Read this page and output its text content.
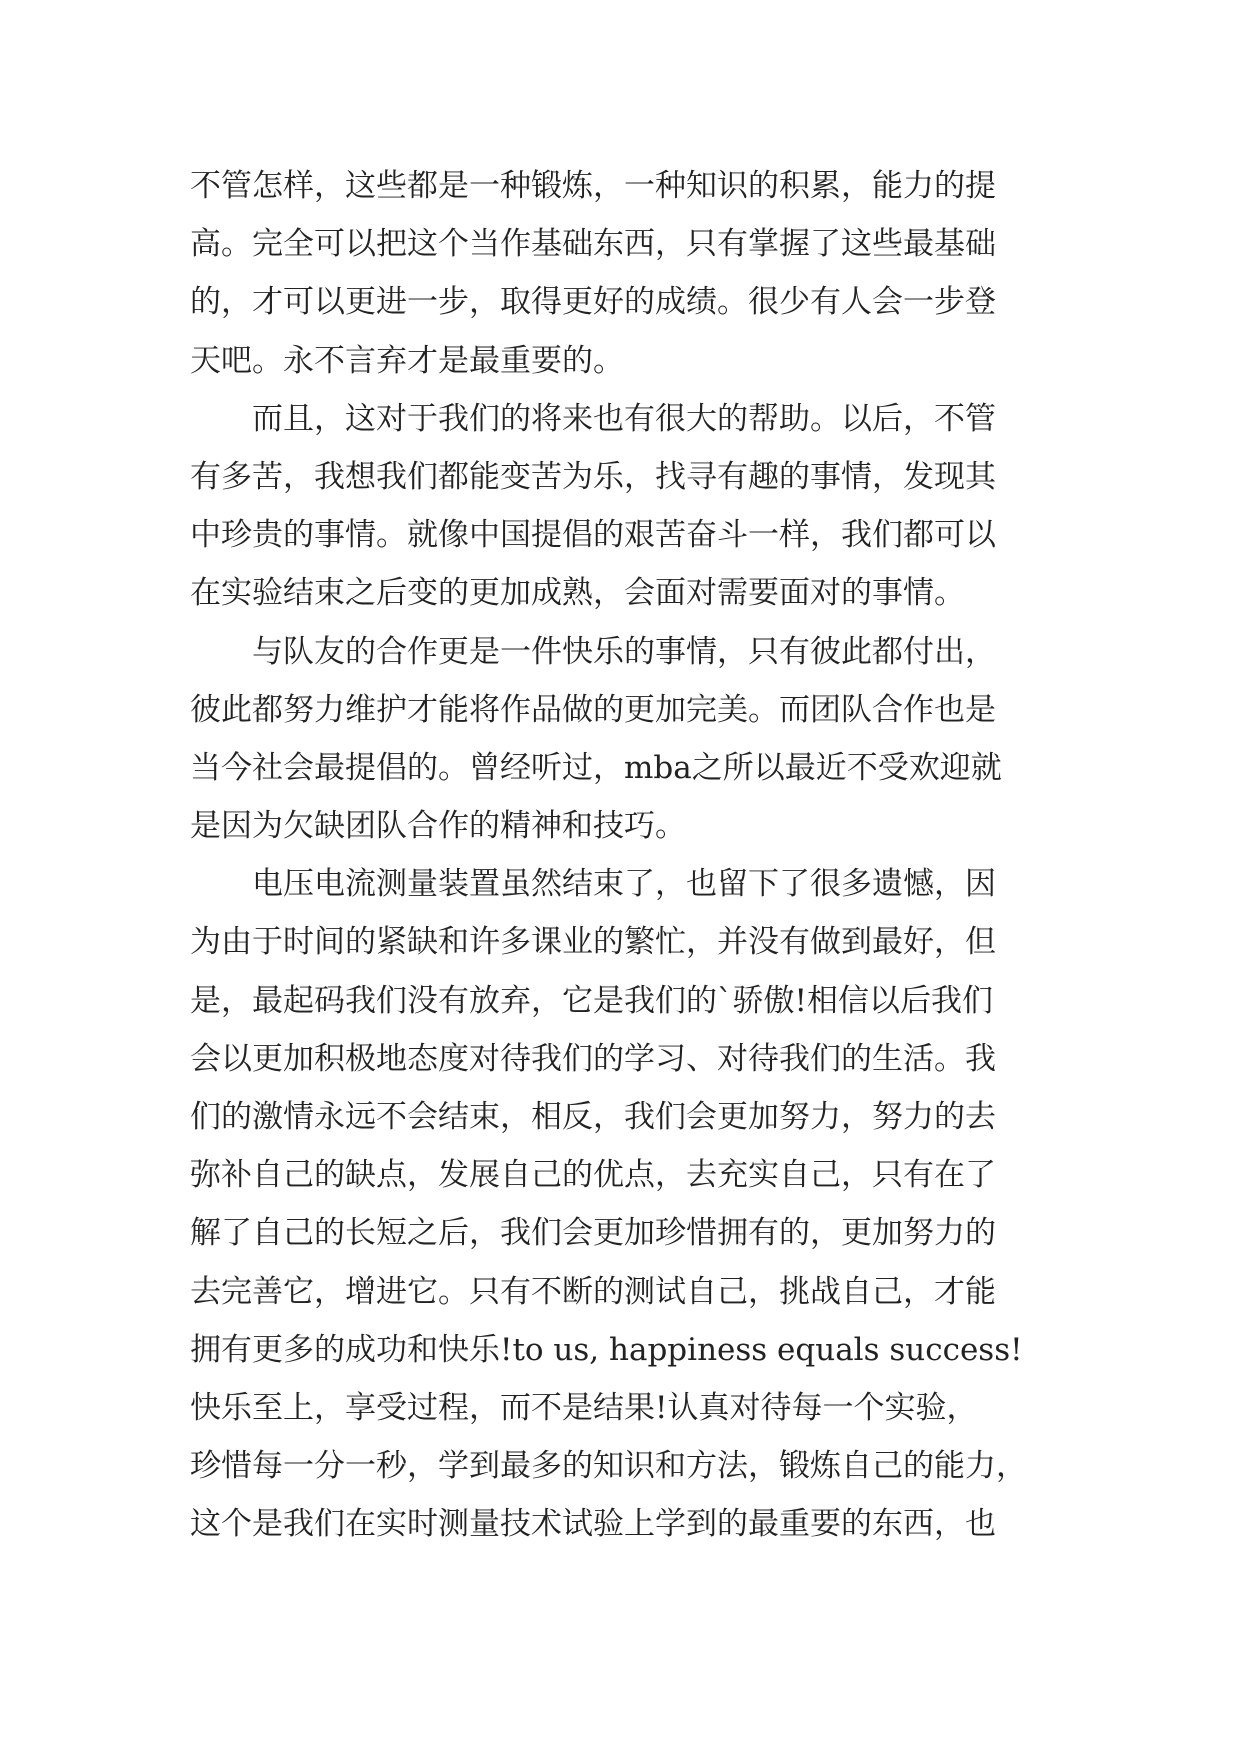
不管怎样，这些都是一种锻炼，一种知识的积累，能力的提
高。完全可以把这个当作基础东西，只有掌握了这些最基础
的，才可以更进一步，取得更好的成绩。很少有人会一步登
天吧。永不言弃才是最重要的。
　　而且，这对于我们的将来也有很大的帮助。以后，不管
有多苦，我想我们都能变苦为乐，找寻有趣的事情，发现其
中珍贵的事情。就像中国提倡的艰苦奋斗一样，我们都可以
在实验结束之后变的更加成熟，会面对需要面对的事情。
　　与队友的合作更是一件快乐的事情，只有彼此都付出，
彼此都努力维护才能将作品做的更加完美。而团队合作也是
当今社会最提倡的。曾经听过，mba之所以最近不受欢迎就
是因为欠缺团队合作的精神和技巧。
　　电压电流测量装置虽然结束了，也留下了很多遗憾，因
为由于时间的紧缺和许多课业的繁忙，并没有做到最好，但
是，最起码我们没有放弃，它是我们的`骄傲!相信以后我们
会以更加积极地态度对待我们的学习、对待我们的生活。我
们的激情永远不会结束，相反，我们会更加努力，努力的去
弥补自己的缺点，发展自己的优点，去充实自己，只有在了
解了自己的长短之后，我们会更加珍惜拥有的，更加努力的
去完善它，增进它。只有不断的测试自己，挑战自己，才能
拥有更多的成功和快乐!to us, happiness equals success!
快乐至上，享受过程，而不是结果!认真对待每一个实验，
珍惜每一分一秒，学到最多的知识和方法，锻炼自己的能力，
这个是我们在实时测量技术试验上学到的最重要的东西，也
